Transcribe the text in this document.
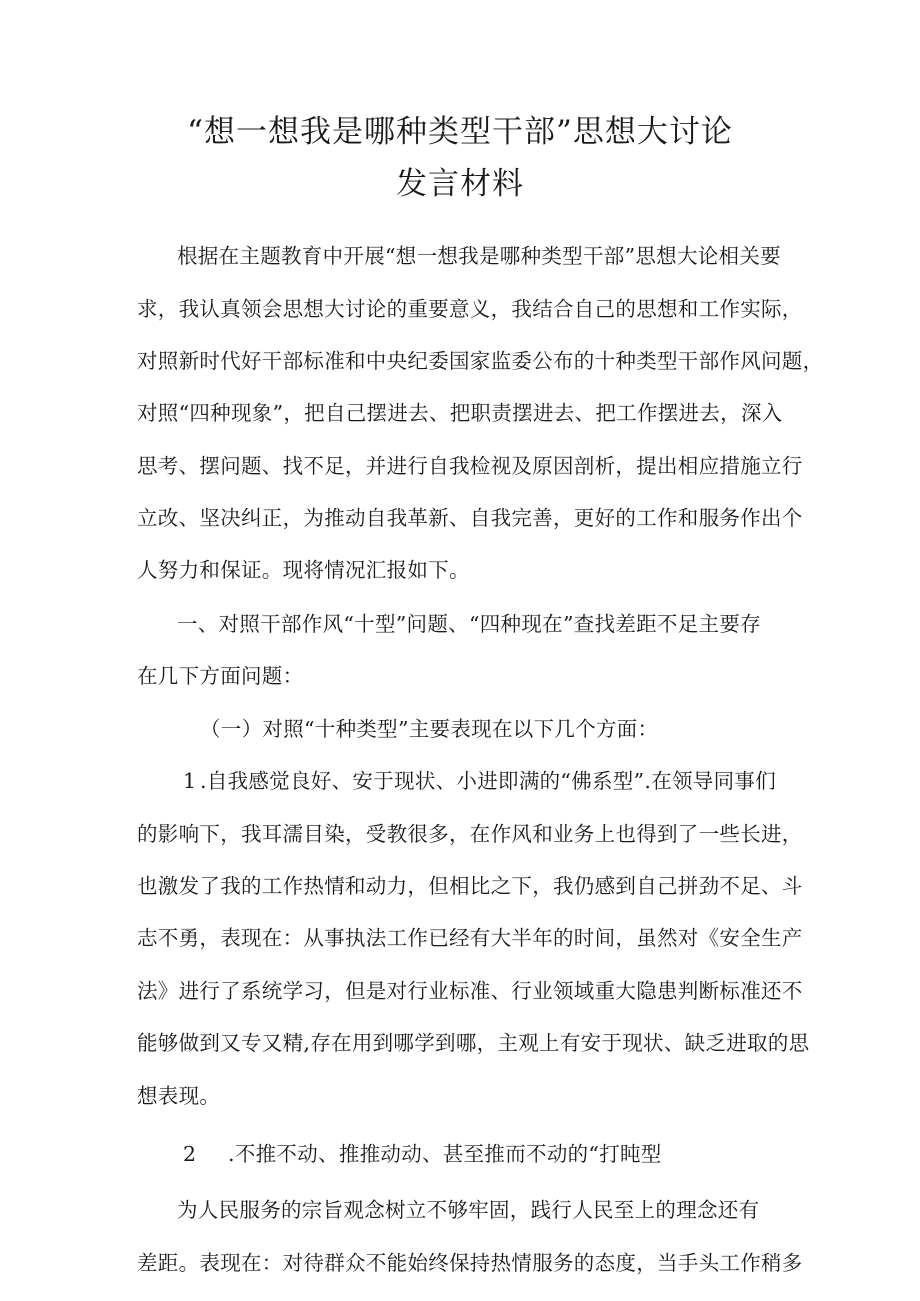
“想一想我是哪种类型干部”思想大讨论
发言材料
根据在主题教育中开展“想一想我是哪种类型干部”思想大论相关要
求，我认真领会思想大讨论的重要意义，我结合自己的思想和工作实际，
对照新时代好干部标准和中央纪委国家监委公布的十种类型干部作风问题，
对照“四种现象”，把自己摆进去、把职责摆进去、把工作摆进去，深入
思考、摆问题、找不足，并进行自我检视及原因剖析，提出相应措施立行
立改、坚决纠正，为推动自我革新、自我完善，更好的工作和服务作出个
人努力和保证。现将情况汇报如下。
一、对照干部作风“十型”问题、“四种现在”查找差距不足主要存
在几下方面问题：
（一）对照“十种类型”主要表现在以下几个方面：
1 .自我感觉良好、安于现状、小进即满的“佛系型”.在领导同事们
的影响下，我耳濡目染，受教很多，在作风和业务上也得到了一些长进，
也激发了我的工作热情和动力，但相比之下，我仍感到自己拼劲不足、斗
志不勇，表现在：从事执法工作已经有大半年的时间，虽然对《安全生产
法》进行了系统学习，但是对行业标准、行业领域重大隐患判断标准还不
能够做到又专又精,存在用到哪学到哪，主观上有安于现状、缺乏进取的思
想表现。
2 .不推不动、推推动动、甚至推而不动的“打盹型
为人民服务的宗旨观念树立不够牢固，践行人民至上的理念还有
差距。表现在：对待群众不能始终保持热情服务的态度，当手头工作稍多
